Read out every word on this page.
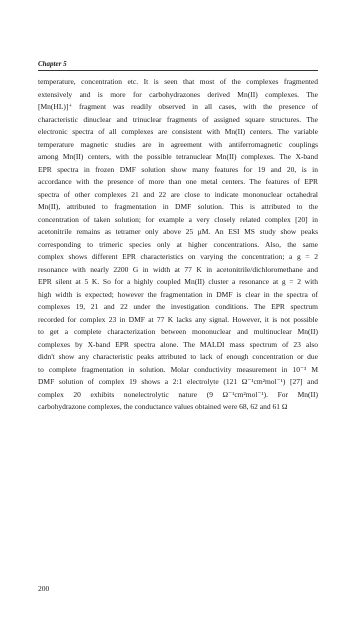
Chapter 5
temperature, concentration etc. It is seen that most of the complexes fragmented
extensively and is more for carbohydrazones derived Mn(II) complexes. The
[Mn(HL)]⁺ fragment was readily observed in all cases, with the presence of
characteristic dinuclear and trinuclear fragments of assigned square structures. The
electronic spectra of all complexes are consistent with Mn(II) centers. The variable
temperature magnetic studies are in agreement with antiferromagnetic couplings
among Mn(II) centers, with the possible tetranuclear Mn(II) complexes. The X-band
EPR spectra in frozen DMF solution show many features for 19 and 20, is in
accordance with the presence of more than one metal centers. The features of EPR
spectra of other complexes 21 and 22 are close to indicate mononuclear octahedral
Mn(II), attributed to fragmentation in DMF solution. This is attributed to the
concentration of taken solution; for example a very closely related complex [20] in
acetonitrile remains as tetramer only above 25 μM. An ESI MS study show peaks
corresponding to trimeric species only at higher concentrations. Also, the same
complex shows different EPR characteristics on varying the concentration; a g = 2
resonance with nearly 2200 G in width at 77 K in acetonitrile/dichloromethane and
EPR silent at 5 K. So for a highly coupled Mn(II) cluster a resonance at g = 2 with
high width is expected; however the fragmentation in DMF is clear in the spectra of
complexes 19, 21 and 22 under the investigation conditions. The EPR spectrum
recorded for complex 23 in DMF at 77 K lacks any signal. However, it is not possible
to get a complete characterization between mononuclear and multinuclear Mn(II)
complexes by X-band EPR spectra alone. The MALDI mass spectrum of 23 also
didn't show any characteristic peaks attributed to lack of enough concentration or due
to complete fragmentation in solution. Molar conductivity measurement in 10⁻³ M
DMF solution of complex 19 shows a 2:1 electrolyte (121 Ω⁻¹cm²mol⁻¹) [27] and
complex 20 exhibits nonelectrolytic nature (9 Ω⁻¹cm²mol⁻¹). For Mn(II)
carbohydrazone complexes, the conductance values obtained were 68, 62 and 61 Ω
200
